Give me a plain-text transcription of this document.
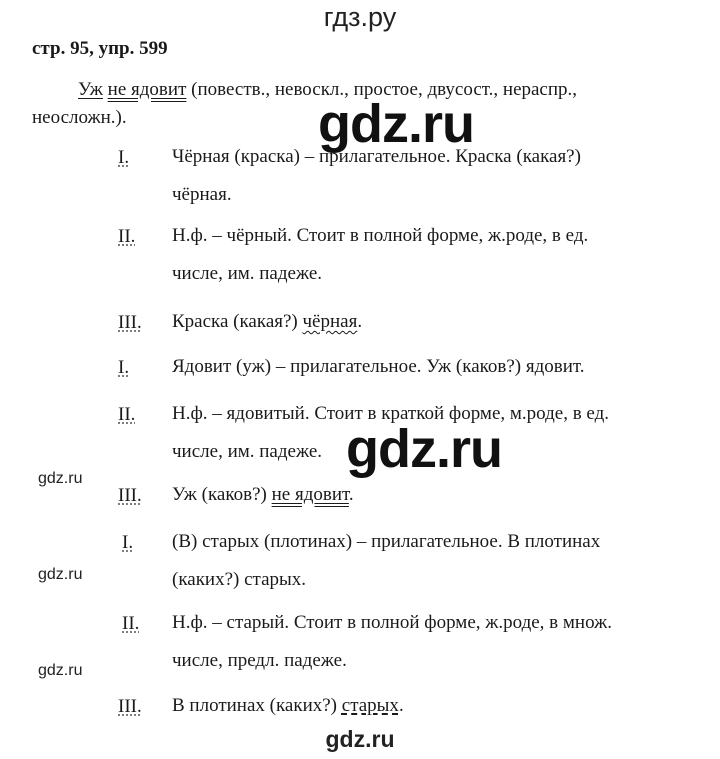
гдз.ру
стр. 95, упр. 599
Уж не ядовит (повеств., невоскл., простое, двусост., нераспр.,
неосложн.).
I. Чёрная (краска) – прилагательное. Краска (какая?)
чёрная.
II. Н.ф. – чёрный. Стоит в полной форме, ж.роде, в ед.
числе, им. падеже.
III. Краска (какая?) чёрная.
I. Ядовит (уж) – прилагательное. Уж (каков?) ядовит.
II. Н.ф. – ядовитый. Стоит в краткой форме, м.роде, в ед.
числе, им. падеже.
III. Уж (каков?) не ядовит.
I. (В) старых (плотинах) – прилагательное. В плотинах
(каких?) старых.
II. Н.ф. – старый. Стоит в полной форме, ж.роде, в множ.
числе, предл. падеже.
III. В плотинах (каких?) старых.
gdz.ru
gdz.ru
gdz.ru
gdz.ru
gdz.ru
gdz.ru
